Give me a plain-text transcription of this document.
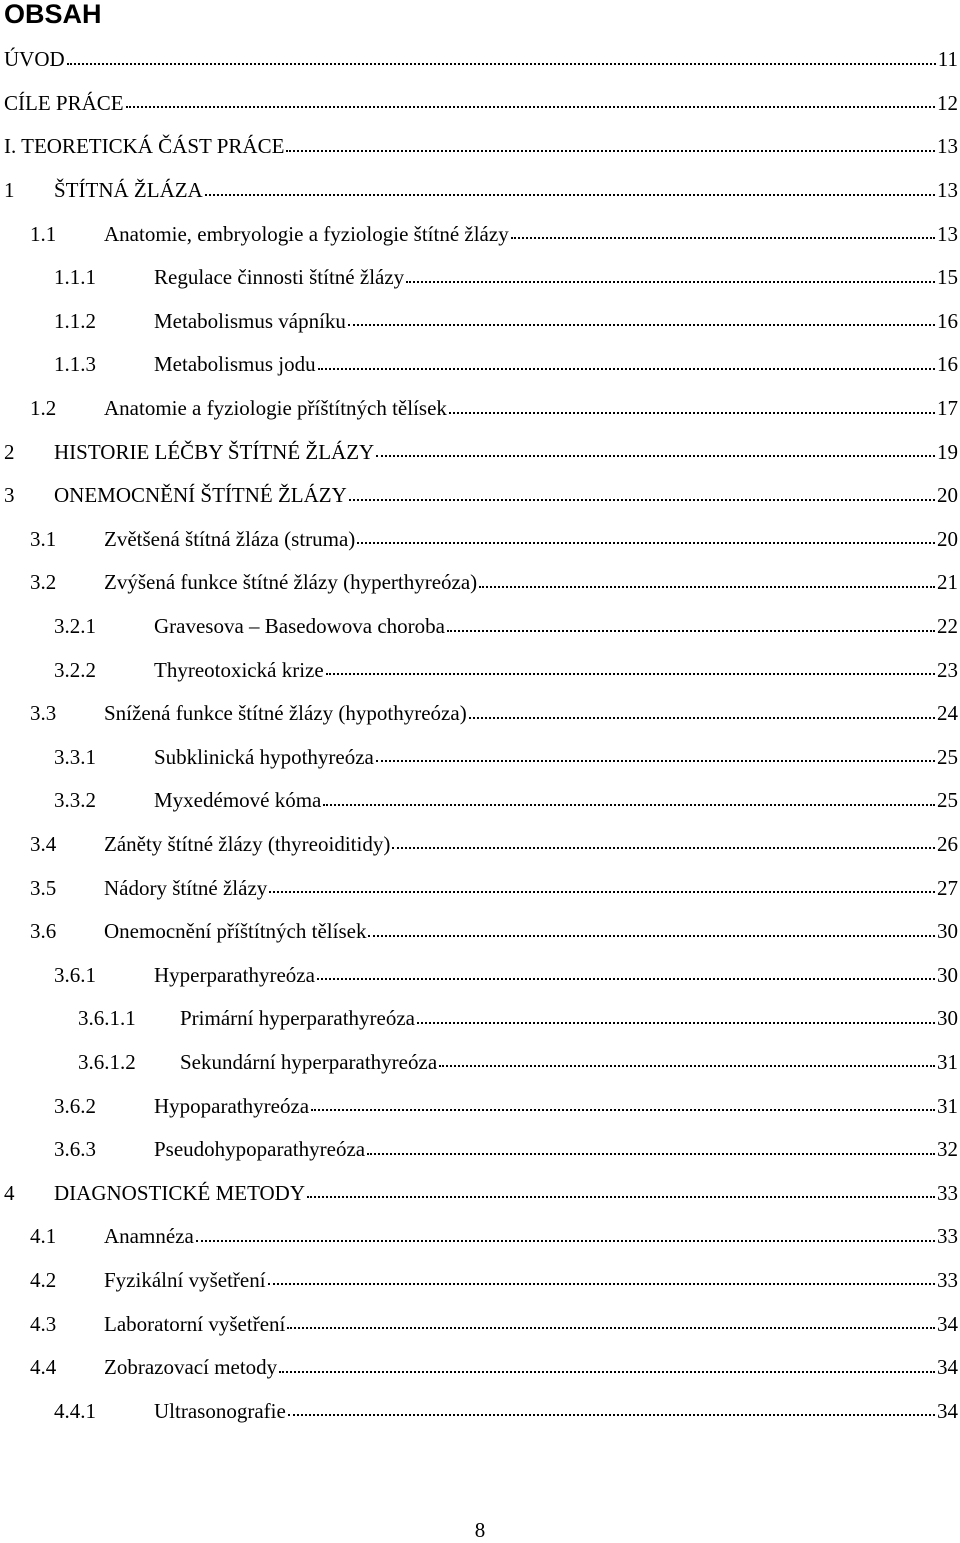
OBSAH
ÚVOD	11
CÍLE PRÁCE	12
I. TEORETICKÁ ČÁST PRÁCE	13
1 ŠTÍTNÁ ŽLÁZA	13
1.1 Anatomie, embryologie a fyziologie štítné žlázy	13
1.1.1	Regulace činnosti štítné žlázy	15
1.1.2	Metabolismus vápníku	16
1.1.3	Metabolismus jodu	16
1.2 Anatomie a fyziologie příštítných tělísek	17
2 HISTORIE LÉČBY ŠTÍTNÉ ŽLÁZY	19
3 ONEMOCNĚNÍ ŠTÍTNÉ ŽLÁZY	20
3.1 Zvětšená štítná žláza (struma)	20
3.2 Zvýšená funkce štítné žlázy (hyperthyreóza)	21
3.2.1	Gravesova – Basedowova choroba	22
3.2.2	Thyreotoxická krize	23
3.3 Snížená funkce štítné žlázy (hypothyreóza)	24
3.3.1	Subklinická hypothyreóza	25
3.3.2	Myxedémové kóma	25
3.4 Záněty štítné žlázy (thyreoiditidy)	26
3.5 Nádory štítné žlázy	27
3.6 Onemocnění příštítných tělísek	30
3.6.1	Hyperparathyreóza	30
3.6.1.1 Primární hyperparathyreóza	30
3.6.1.2 Sekundární hyperparathyreóza	31
3.6.2	Hypoparathyreóza	31
3.6.3	Pseudohypoparathyreóza	32
4 DIAGNOSTICKÉ METODY	33
4.1 Anamnéza	33
4.2 Fyzikální vyšetření	33
4.3 Laboratorní vyšetření	34
4.4 Zobrazovací metody	34
4.4.1	Ultrasonografie	34
8
